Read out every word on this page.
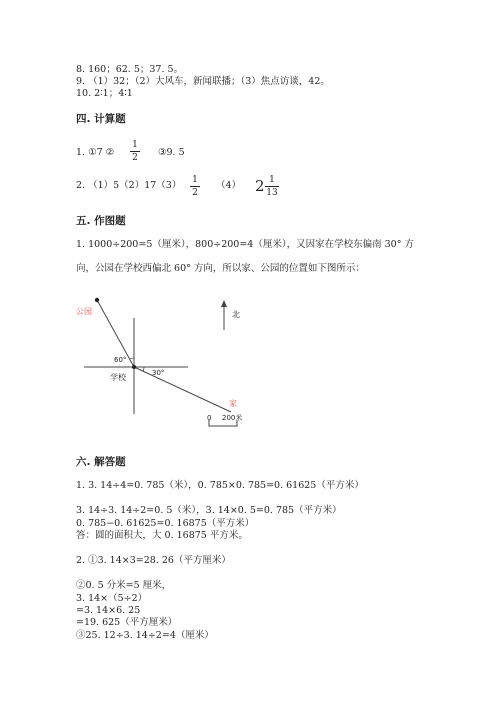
8. 160；62. 5；37. 5。
9. （1）32；（2）大风车，新闻联播；（3）焦点访谈，42。
10. 2∶1；4∶1
四. 计算题
1. ①7 ②
1
2 ③9. 5
2. （1）5（2）17（3） 1
2
（4） 2 1
13
五. 作图题
1. 1000÷200=5（厘米），800÷200=4（厘米），又因家在学校东偏南 30° 方
向，公园在学校西偏北 60° 方向，所以家、公园的位置如下图所示：
公园
家
学校
北
60°
30°
0 200米
六. 解答题
1. 3. 14÷4=0. 785（米），0. 785×0. 785=0. 61625（平方米）
3. 14÷3. 14÷2=0. 5（米），3. 14×0. 5=0. 785（平方米）
0. 785−0. 61625=0. 16875（平方米）
答：圆的面积大，大 0. 16875 平方米。
2. ①3. 14×3=28. 26（平方厘米）
②0. 5 分米=5 厘米，
3. 14×（5÷2）
=3. 14×6. 25
=19. 625（平方厘米）
③25. 12÷3. 14÷2=4（厘米）
